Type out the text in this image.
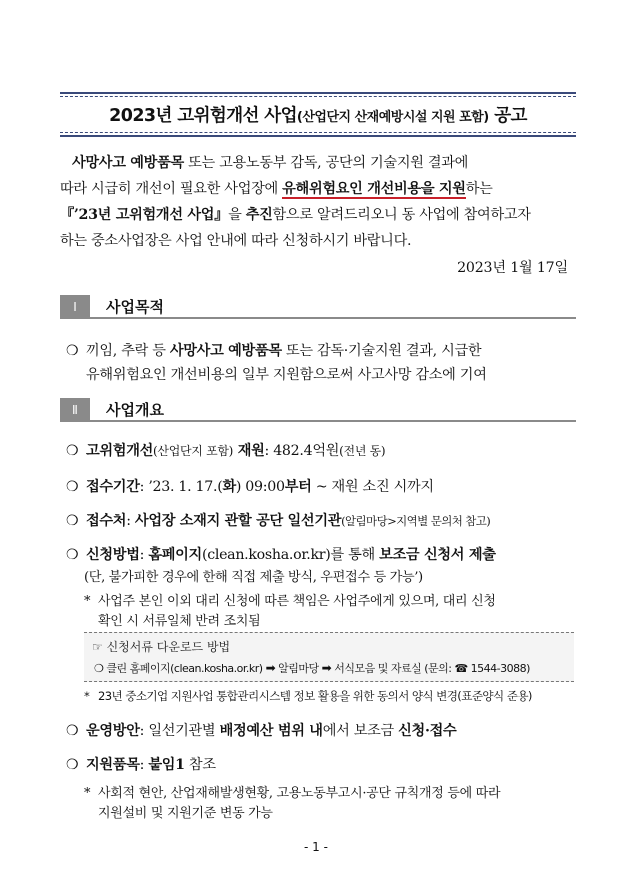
2023년 고위험개선 사업(산업단지 산재예방시설 지원 포함) 공고
사망사고 예방품목 또는 고용노동부 감독, 공단의 기술지원 결과에
따라 시급히 개선이 필요한 사업장에 유해위험요인 개선비용을 지원하는
『’23년 고위험개선 사업』을 추진함으로 알려드리오니 동 사업에 참여하고자
하는 중소사업장은 사업 안내에 따라 신청하시기 바랍니다.
2023년 1월 17일
Ⅰ	사업목적
❍ 끼임, 추락 등 사망사고 예방품목 또는 감독·기술지원 결과, 시급한
유해위험요인 개선비용의 일부 지원함으로써 사고사망 감소에 기여
Ⅱ	사업개요
❍ 고위험개선(산업단지 포함) 재원: 482.4억원(전년 동)
❍ 접수기간: ’23. 1. 17.(화) 09:00부터 ~ 재원 소진 시까지
❍ 접수처: 사업장 소재지 관할 공단 일선기관(알림마당>지역별 문의처 참고)
❍ 신청방법: 홈페이지(clean.kosha.or.kr)를 통해 보조금 신청서 제출
(단, 불가피한 경우에 한해 직접 제출 방식, 우편접수 등 가능’)
* 사업주 본인 이외 대리 신청에 따른 책임은 사업주에게 있으며, 대리 신청
확인 시 서류일체 반려 조치됨
☞ 신청서류 다운로드 방법
❍ 클린 홈페이지(clean.kosha.or.kr) ➡ 알림마당 ➡ 서식모음 및 자료실 (문의: ☎ 1544-3088)
* 23년 중소기업 지원사업 통합관리시스템 정보 활용을 위한 동의서 양식 변경(표준양식 준용)
❍ 운영방안: 일선기관별 배정예산 범위 내에서 보조금 신청·접수
❍ 지원품목: 붙임1 참조
* 사회적 현안, 산업재해발생현황, 고용노동부고시·공단 규칙개정 등에 따라
지원설비 및 지원기준 변동 가능
- 1 -
